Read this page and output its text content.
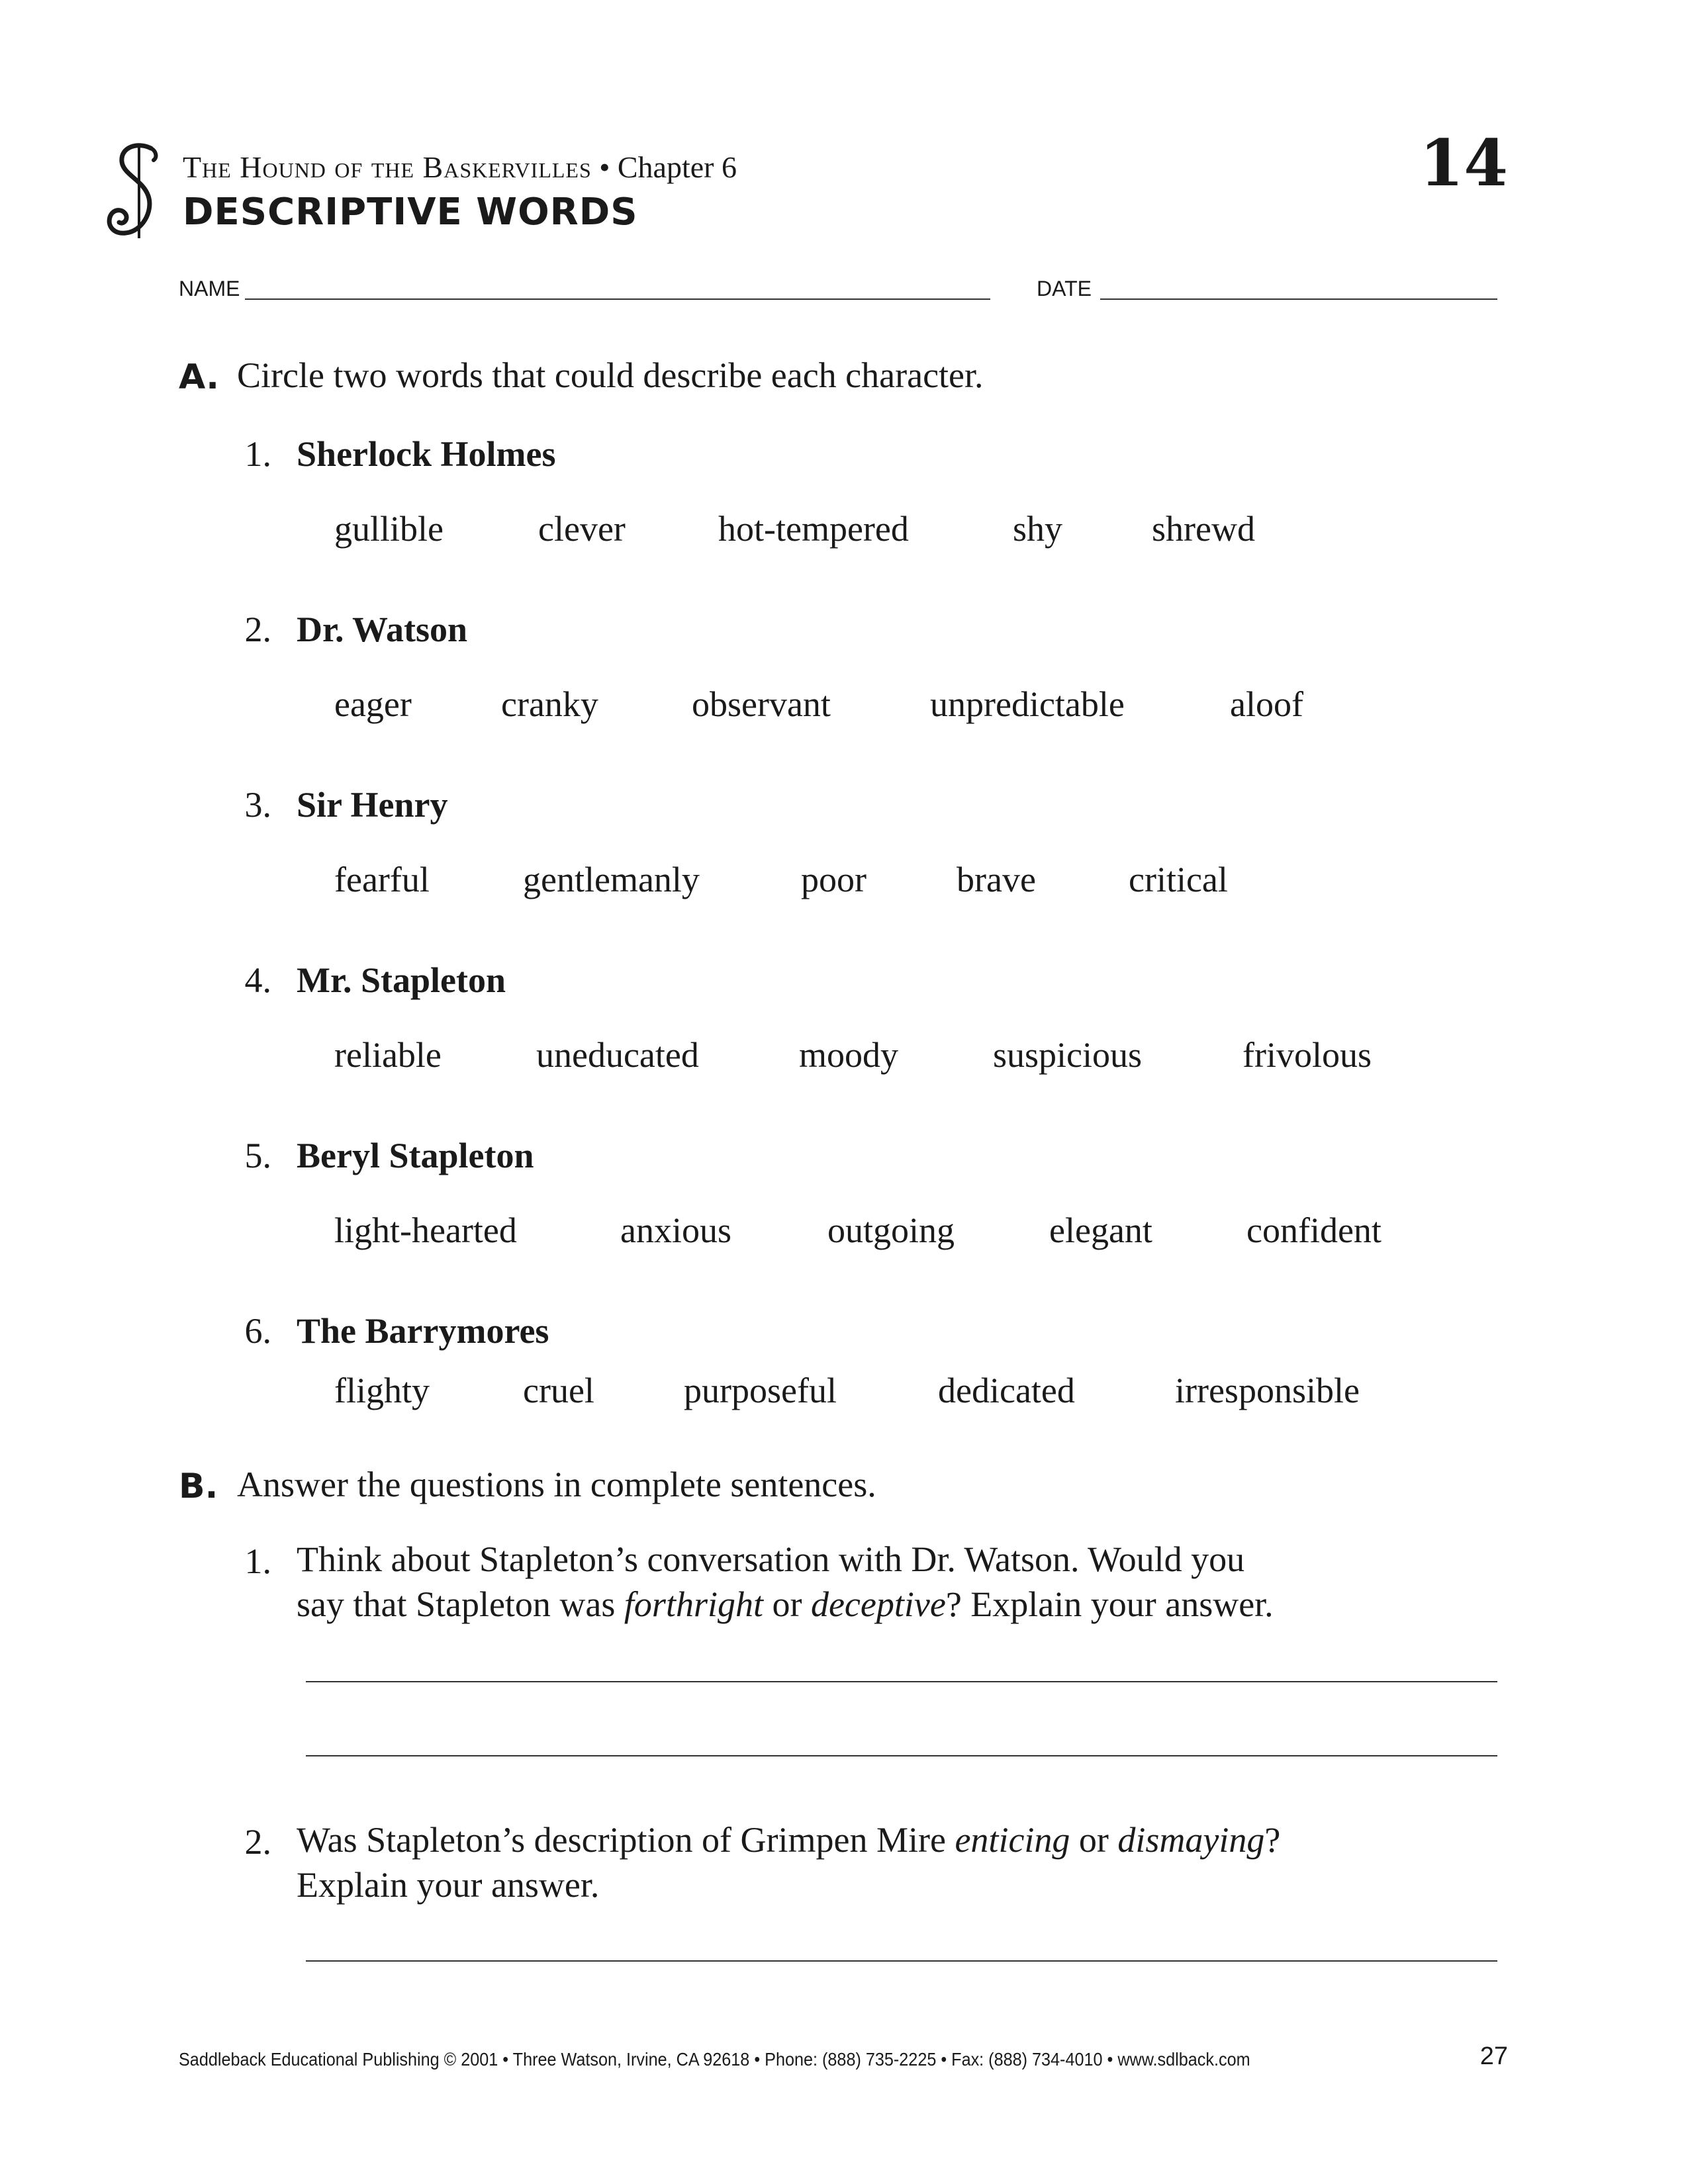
The Hound of the Baskervilles • Chapter 6
DESCRIPTIVE WORDS
14
NAME	DATE
A. Circle two words that could describe each character.
1. Sherlock Holmes
gullible	clever	hot-tempered	shy shrewd
2. Dr. Watson
eager	cranky	observant	unpredictable	aloof
3. Sir Henry
fearful	gentlemanly	poor	brave	critical
4. Mr. Stapleton
reliable	uneducated	moody	suspicious	frivolous
5. Beryl Stapleton
light-hearted	anxious	outgoing	elegant	confident
6. The Barrymores
flighty	cruel	purposeful	dedicated	irresponsible
B. Answer the questions in complete sentences.
1. Think about Stapleton’s conversation with Dr. Watson. Would you
say that Stapleton was forthright or deceptive? Explain your answer.
2. Was Stapleton’s description of Grimpen Mire enticing or dismaying?
Explain your answer.
Saddleback Educational Publishing © 2001 • Three Watson, Irvine, CA 92618 • Phone: (888) 735-2225 • Fax: (888) 734-4010 • www.sdlback.com	27
